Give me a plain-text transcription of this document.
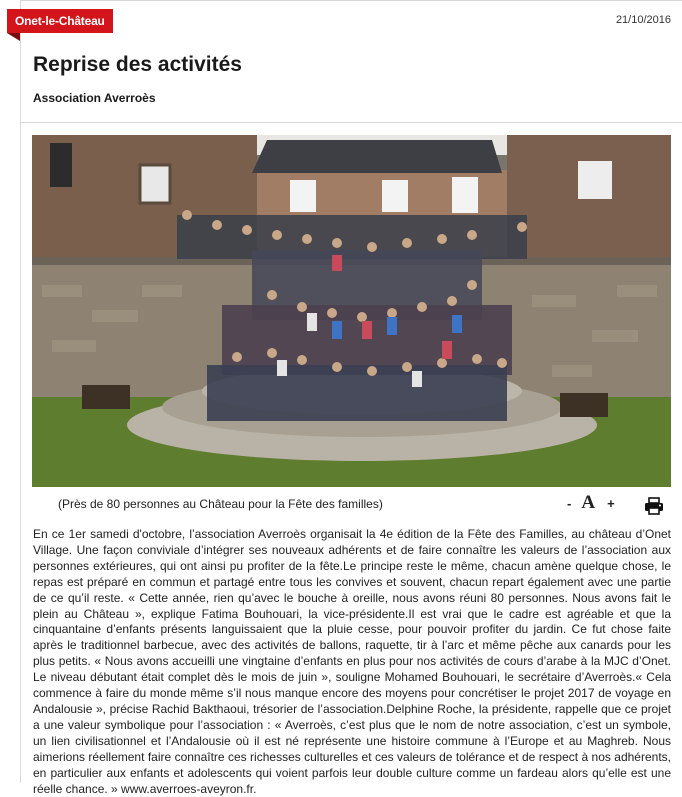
Onet-le-Château	21/10/2016
Reprise des activités
Association Averroès
(Près de 80 personnes au Château pour la Fête des familles)	- A +

En ce 1er samedi d'octobre, l’association Averroès organisait la 4e édition de la Fête des Familles, au château d’Onet Village. Une façon conviviale d’intégrer ses nouveaux adhérents et de faire connaître les valeurs de l’association aux personnes extérieures, qui ont ainsi pu profiter de la fête.Le principe reste le même, chacun amène quelque chose, le repas est préparé en commun et partagé entre tous les convives et souvent, chacun repart également avec une partie de ce qu’il reste. « Cette année, rien qu’avec le bouche à oreille, nous avons réuni 80 personnes. Nous avons fait le plein au Château », explique Fatima Bouhouari, la vice-présidente.Il est vrai que le cadre est agréable et que la cinquantaine d’enfants présents languissaient que la pluie cesse, pour pouvoir profiter du jardin. Ce fut chose faite après le traditionnel barbecue, avec des activités de ballons, raquette, tir à l’arc et même pêche aux canards pour les plus petits. « Nous avons accueilli une vingtaine d’enfants en plus pour nos activités de cours d’arabe à la MJC d’Onet. Le niveau débutant était complet dès le mois de juin », souligne Mohamed Bouhouari, le secrétaire d’Averroès.« Cela commence à faire du monde même s’il nous manque encore des moyens pour concrétiser le projet 2017 de voyage en Andalousie », précise Rachid Bakthaoui, trésorier de l’association.Delphine Roche, la présidente, rappelle que ce projet a une valeur symbolique pour l’association : « Averroès, c’est plus que le nom de notre association, c’est un symbole, un lien civilisationnel et l’Andalousie où il est né représente une histoire commune à l’Europe et au Maghreb. Nous aimerions réellement faire connaître ces richesses culturelles et ces valeurs de tolérance et de respect à nos adhérents, en particulier aux enfants et adolescents qui voient parfois leur double culture comme un fardeau alors qu’elle est une réelle chance. » www.averroes-aveyron.fr.
